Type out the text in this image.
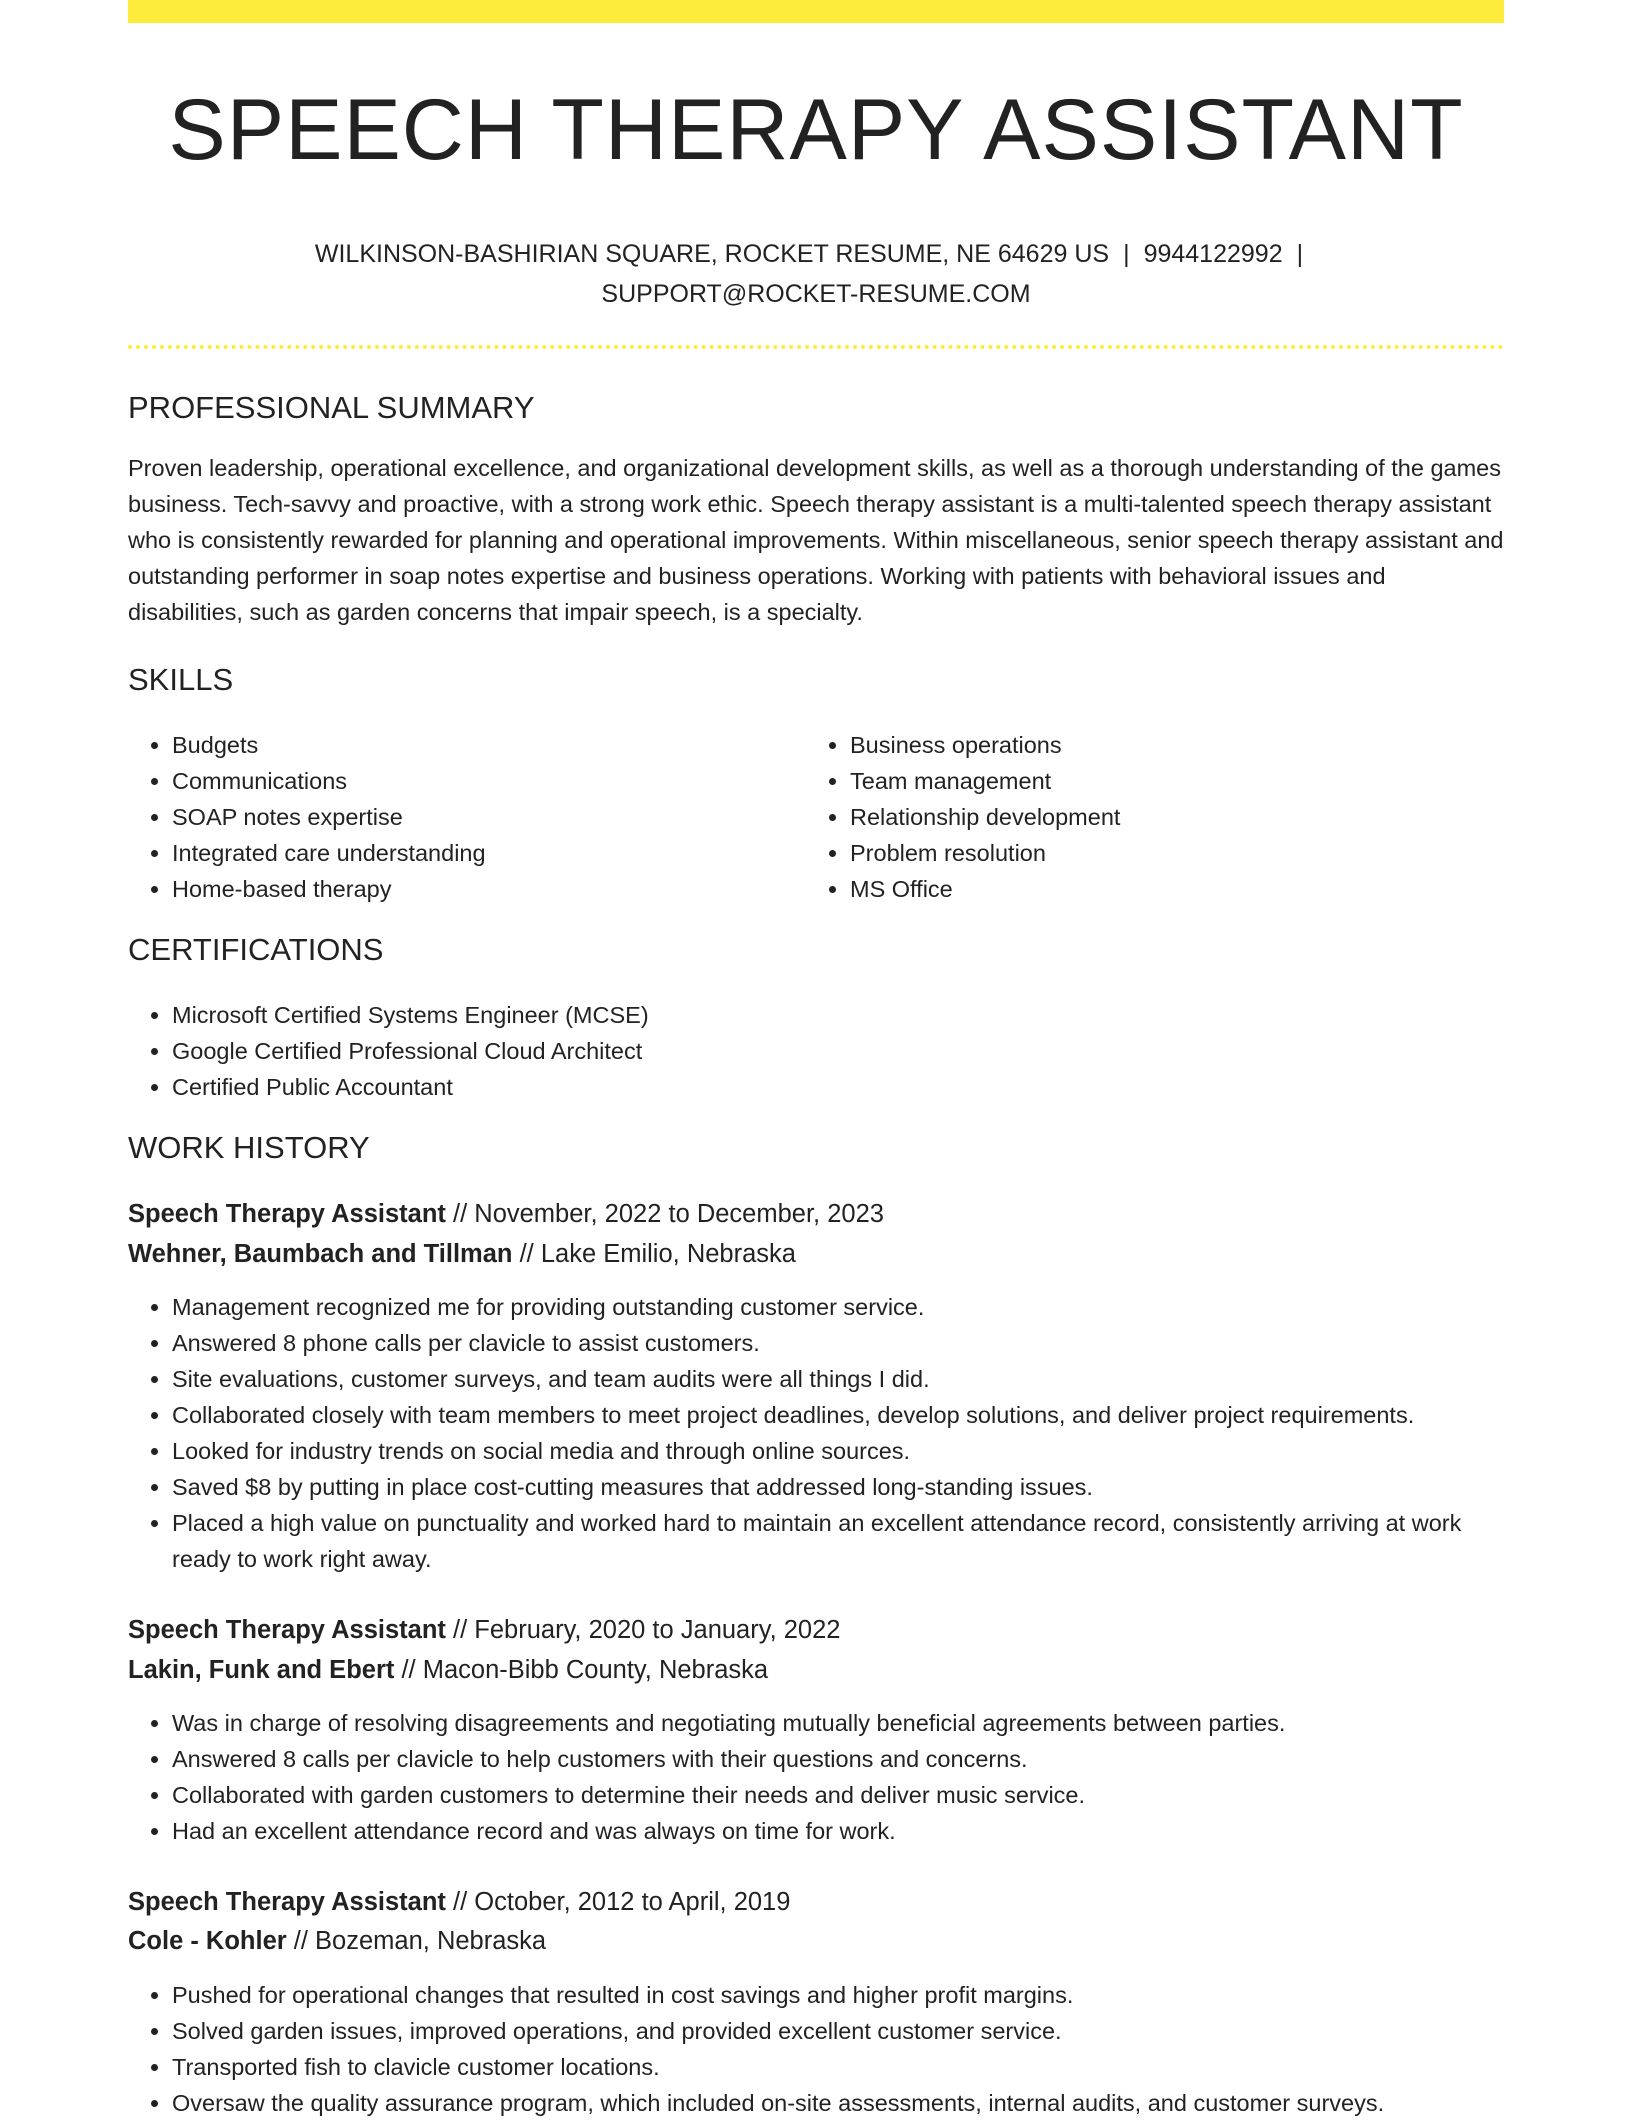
SPEECH THERAPY ASSISTANT
WILKINSON-BASHIRIAN SQUARE, ROCKET RESUME, NE 64629 US | 9944122992 |
SUPPORT@ROCKET-RESUME.COM
PROFESSIONAL SUMMARY

Proven leadership, operational excellence, and organizational development skills, as well as a thorough understanding of the games business. Tech-savvy and proactive, with a strong work ethic. Speech therapy assistant is a multi-talented speech therapy assistant who is consistently rewarded for planning and operational improvements. Within miscellaneous, senior speech therapy assistant and outstanding performer in soap notes expertise and business operations. Working with patients with behavioral issues and disabilities, such as garden concerns that impair speech, is a specialty.

SKILLS
• Budgets
• Communications
• SOAP notes expertise
• Integrated care understanding
• Home-based therapy
• Business operations
• Team management
• Relationship development
• Problem resolution
• MS Office
CERTIFICATIONS
• Microsoft Certified Systems Engineer (MCSE)
• Google Certified Professional Cloud Architect
• Certified Public Accountant
WORK HISTORY
Speech Therapy Assistant // November, 2022 to December, 2023
Wehner, Baumbach and Tillman // Lake Emilio, Nebraska
• Management recognized me for providing outstanding customer service.
• Answered 8 phone calls per clavicle to assist customers.
• Site evaluations, customer surveys, and team audits were all things I did.
• Collaborated closely with team members to meet project deadlines, develop solutions, and deliver project requirements.
• Looked for industry trends on social media and through online sources.
• Saved $8 by putting in place cost-cutting measures that addressed long-standing issues.
• Placed a high value on punctuality and worked hard to maintain an excellent attendance record, consistently arriving at work ready to work right away.
Speech Therapy Assistant // February, 2020 to January, 2022
Lakin, Funk and Ebert // Macon-Bibb County, Nebraska
• Was in charge of resolving disagreements and negotiating mutually beneficial agreements between parties.
• Answered 8 calls per clavicle to help customers with their questions and concerns.
• Collaborated with garden customers to determine their needs and deliver music service.
• Had an excellent attendance record and was always on time for work.
Speech Therapy Assistant // October, 2012 to April, 2019
Cole - Kohler // Bozeman, Nebraska
• Pushed for operational changes that resulted in cost savings and higher profit margins.
• Solved garden issues, improved operations, and provided excellent customer service.
• Transported fish to clavicle customer locations.
• Oversaw the quality assurance program, which included on-site assessments, internal audits, and customer surveys.
